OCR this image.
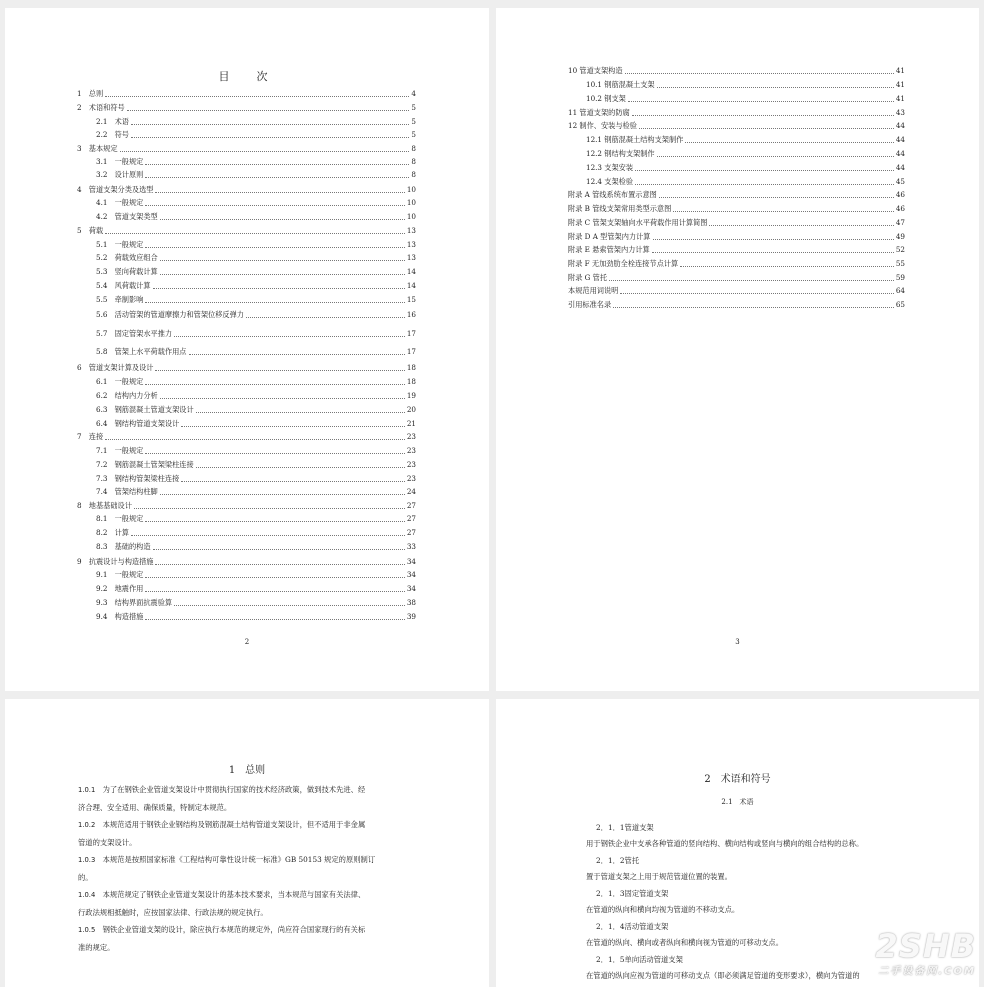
目　次
1　总则	4
2　术语和符号	5
2.1　术语	5
2.2　符号	5
3　基本规定	8
3.1　一般规定	8
3.2　设计原则	8
4　管道支架分类及选型	10
4.1　一般规定	10
4.2　管道支架类型	10
5　荷载	13
5.1　一般规定	13
5.2　荷载效应组合	13
5.3　竖向荷载计算	14
5.4　风荷载计算	14
5.5　牵制影响	15
5.6　活动管架的管道摩擦力和管架位移反弹力	16
5.7　固定管架水平推力	17
5.8　管架上水平荷载作用点	17
6　管道支架计算及设计	18
6.1　一般规定	18
6.2　结构内力分析	19
6.3　钢筋混凝土管道支架设计	20
6.4　钢结构管道支架设计	21
7　连接	23
7.1　一般规定	23
7.2　钢筋混凝土管架梁柱连接	23
7.3　钢结构管架梁柱连接	23
7.4　管架结构柱脚	24
8　地基基础设计	27
8.1　一般规定	27
8.2　计算	27
8.3　基础的构造	33
9　抗震设计与构造措施	34
9.1　一般规定	34
9.2　地震作用	34
9.3　结构界面抗震验算	38
9.4　构造措施	39
2
10 管道支架构造	41
10.1 钢筋混凝土支架	41
10.2 钢支架	41
11 管道支架的防腐	43
12 制作、安装与检验	44
12.1 钢筋混凝土结构支架制作	44
12.2 钢结构支架制作	44
12.3 支架安装	44
12.4 支架检验	45
附录 A 管线系统布置示意图	46
附录 B 管线支架常用类型示意图	46
附录 C 管架支架轴向水平荷载作用计算简图	47
附录 D A 型管架内力计算	49
附录 E 悬索管架内力计算	52
附录 F 无加劲肋全栓连接节点计算	55
附录 G 管托	59
本规范用词说明	64
引用标准名录	65
3
1　总则
1.0.1  为了在钢铁企业管道支架设计中贯彻执行国家的技术经济政策，做到技术先进、经
济合理、安全适用、确保质量，特制定本规范。
1.0.2  本规范适用于钢铁企业钢结构及钢筋混凝土结构管道支架设计，但不适用于非金属
管道的支架设计。
1.0.3  本规范是按照国家标准《工程结构可靠性设计统一标准》GB 50153 规定的原则制订
的。
1.0.4  本规范规定了钢铁企业管道支架设计的基本技术要求，当本规范与国家有关法律、
行政法规相抵触时，应按国家法律、行政法规的规定执行。
1.0.5  钢铁企业管道支架的设计，除应执行本规范的规定外，尚应符合国家现行的有关标
准的规定。
2　术语和符号
2.1　术语
2．1．1管道支架
用于钢铁企业中支承各种管道的竖向结构、横向结构或竖向与横向的组合结构的总称。
2．1．2管托
置于管道支架之上用于规范管道位置的装置。
2．1．3固定管道支架
在管道的纵向和横向均视为管道的不移动支点。
2．1．4活动管道支架
在管道的纵向、横向或者纵向和横向视为管道的可移动支点。
2．1．5单向活动管道支架
在管道的纵向应视为管道的可移动支点（即必须满足管道的变形要求），横向为管道的
2SHB
二手设备网.COM
